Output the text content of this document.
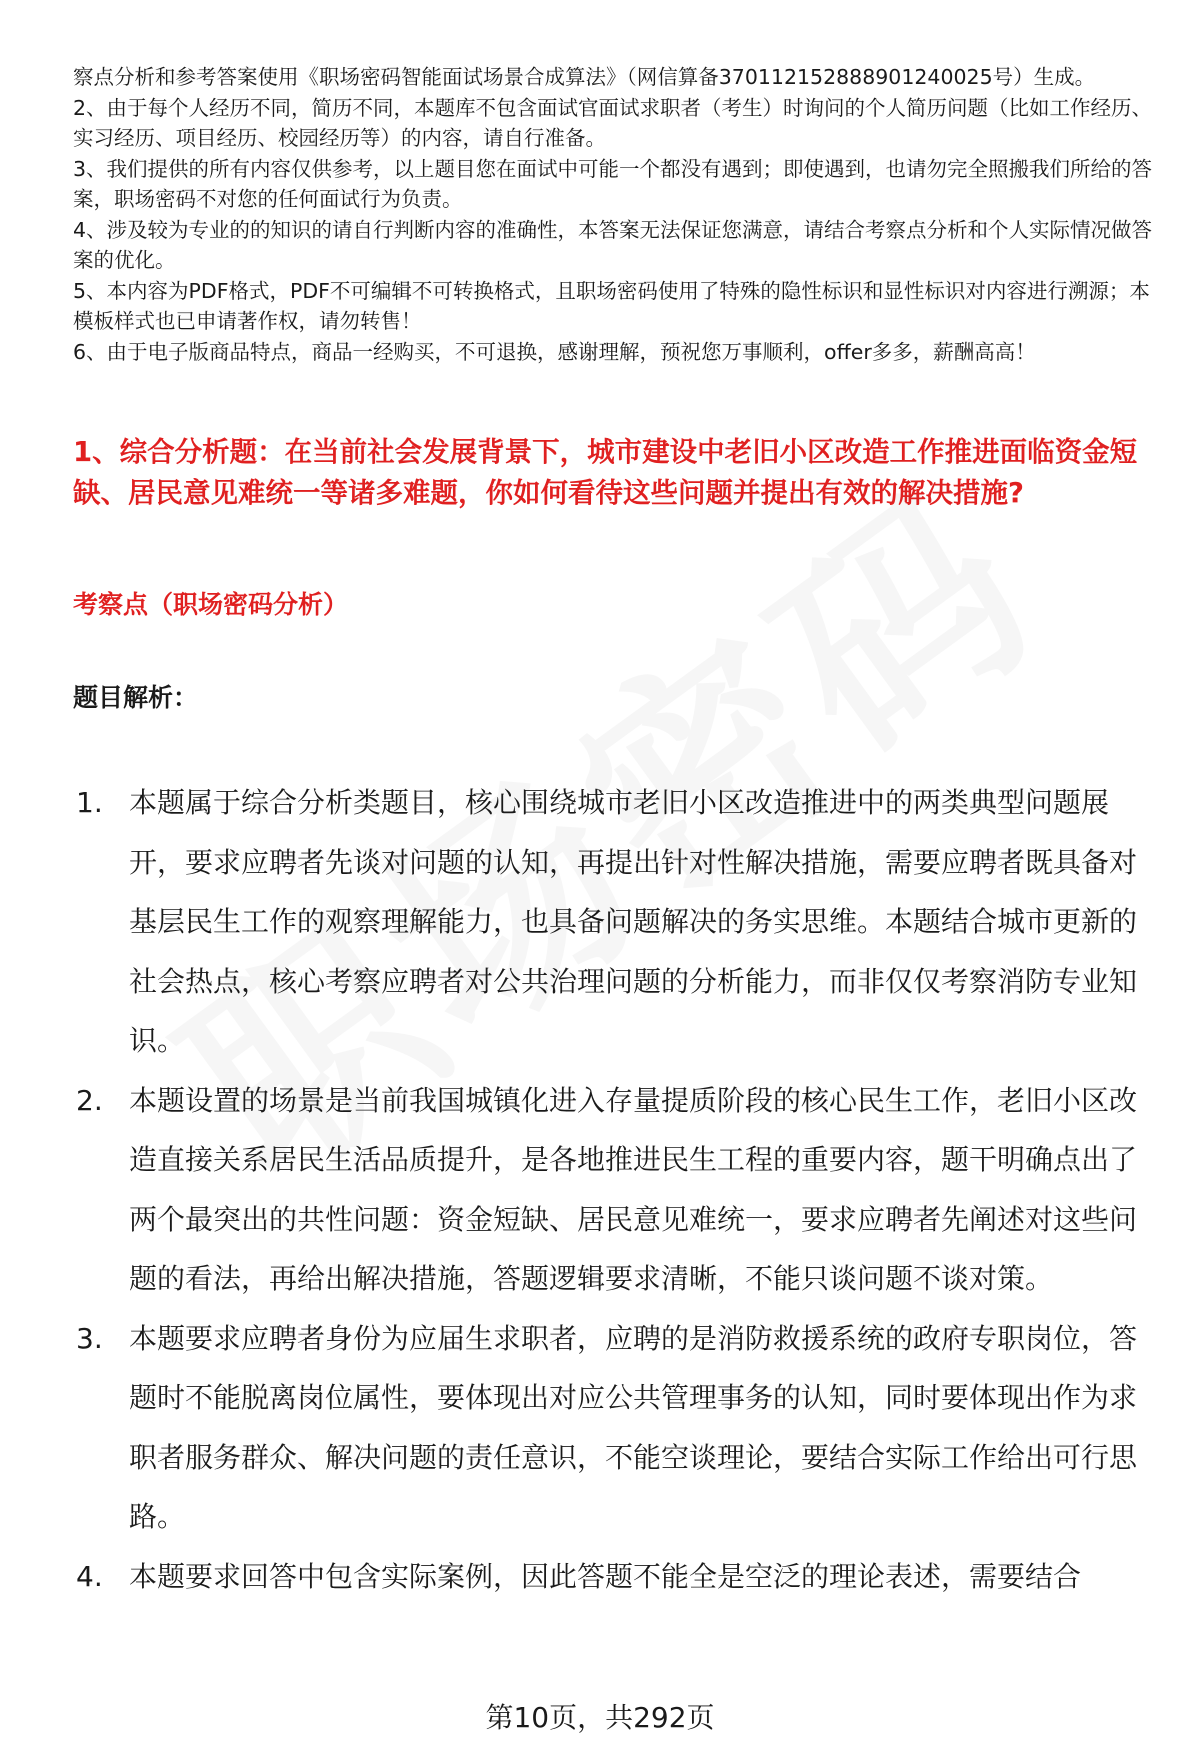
察点分析和参考答案使用《职场密码智能面试场景合成算法》（网信算备370112152888901240025号）生成。

2、由于每个人经历不同，简历不同，本题库不包含面试官面试求职者（考生）时询问的个人简历问题（比如工作经历、实习经历、项目经历、校园经历等）的内容，请自行准备。

3、我们提供的所有内容仅供参考，以上题目您在面试中可能一个都没有遇到；即使遇到，也请勿完全照搬我们所给的答案，职场密码不对您的任何面试行为负责。

4、涉及较为专业的的知识的请自行判断内容的准确性，本答案无法保证您满意，请结合考察点分析和个人实际情况做答案的优化。

5、本内容为PDF格式，PDF不可编辑不可转换格式，且职场密码使用了特殊的隐性标识和显性标识对内容进行溯源；本模板样式也已申请著作权，请勿转售！

6、由于电子版商品特点，商品一经购买，不可退换，感谢理解，预祝您万事顺利，offer多多，薪酬高高！

1、综合分析题：在当前社会发展背景下，城市建设中老旧小区改造工作推进面临资金短缺、居民意见难统一等诸多难题，你如何看待这些问题并提出有效的解决措施?
考察点（职场密码分析）
题目解析：
1. 本题属于综合分析类题目，核心围绕城市老旧小区改造推进中的两类典型问题展开，要求应聘者先谈对问题的认知，再提出针对性解决措施，需要应聘者既具备对基层民生工作的观察理解能力，也具备问题解决的务实思维。本题结合城市更新的社会热点，核心考察应聘者对公共治理问题的分析能力，而非仅仅考察消防专业知识。
2. 本题设置的场景是当前我国城镇化进入存量提质阶段的核心民生工作，老旧小区改造直接关系居民生活品质提升，是各地推进民生工程的重要内容，题干明确点出了两个最突出的共性问题：资金短缺、居民意见难统一，要求应聘者先阐述对这些问题的看法，再给出解决措施，答题逻辑要求清晰，不能只谈问题不谈对策。
3. 本题要求应聘者身份为应届生求职者，应聘的是消防救援系统的政府专职岗位，答题时不能脱离岗位属性，要体现出对应公共管理事务的认知，同时要体现出作为求职者服务群众、解决问题的责任意识，不能空谈理论，要结合实际工作给出可行思路。
4. 本题要求回答中包含实际案例，因此答题不能全是空泛的理论表述，需要结合
第10页，共292页
